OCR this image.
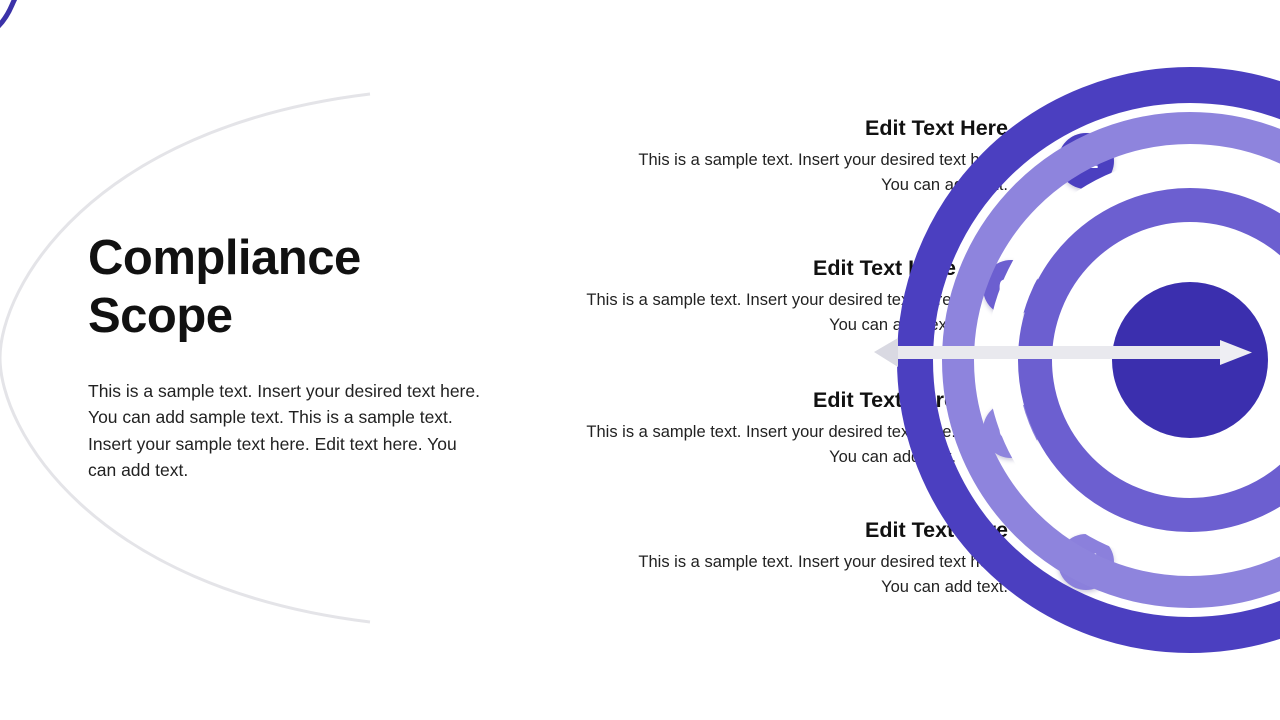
Compliance Scope

This is a sample text. Insert your desired text here. You can add sample text. This is a sample text. Insert your sample text here. Edit text here. You can add text.

Edit Text Here

This is a sample text. Insert your desired text here. You can add text.

Edit Text Here

This is a sample text. Insert your desired text here. You can add text.

Edit Text Here

This is a sample text. Insert your desired text here. You can add text.

Edit Text Here

This is a sample text. Insert your desired text here. You can add text.

01
02
03
04
